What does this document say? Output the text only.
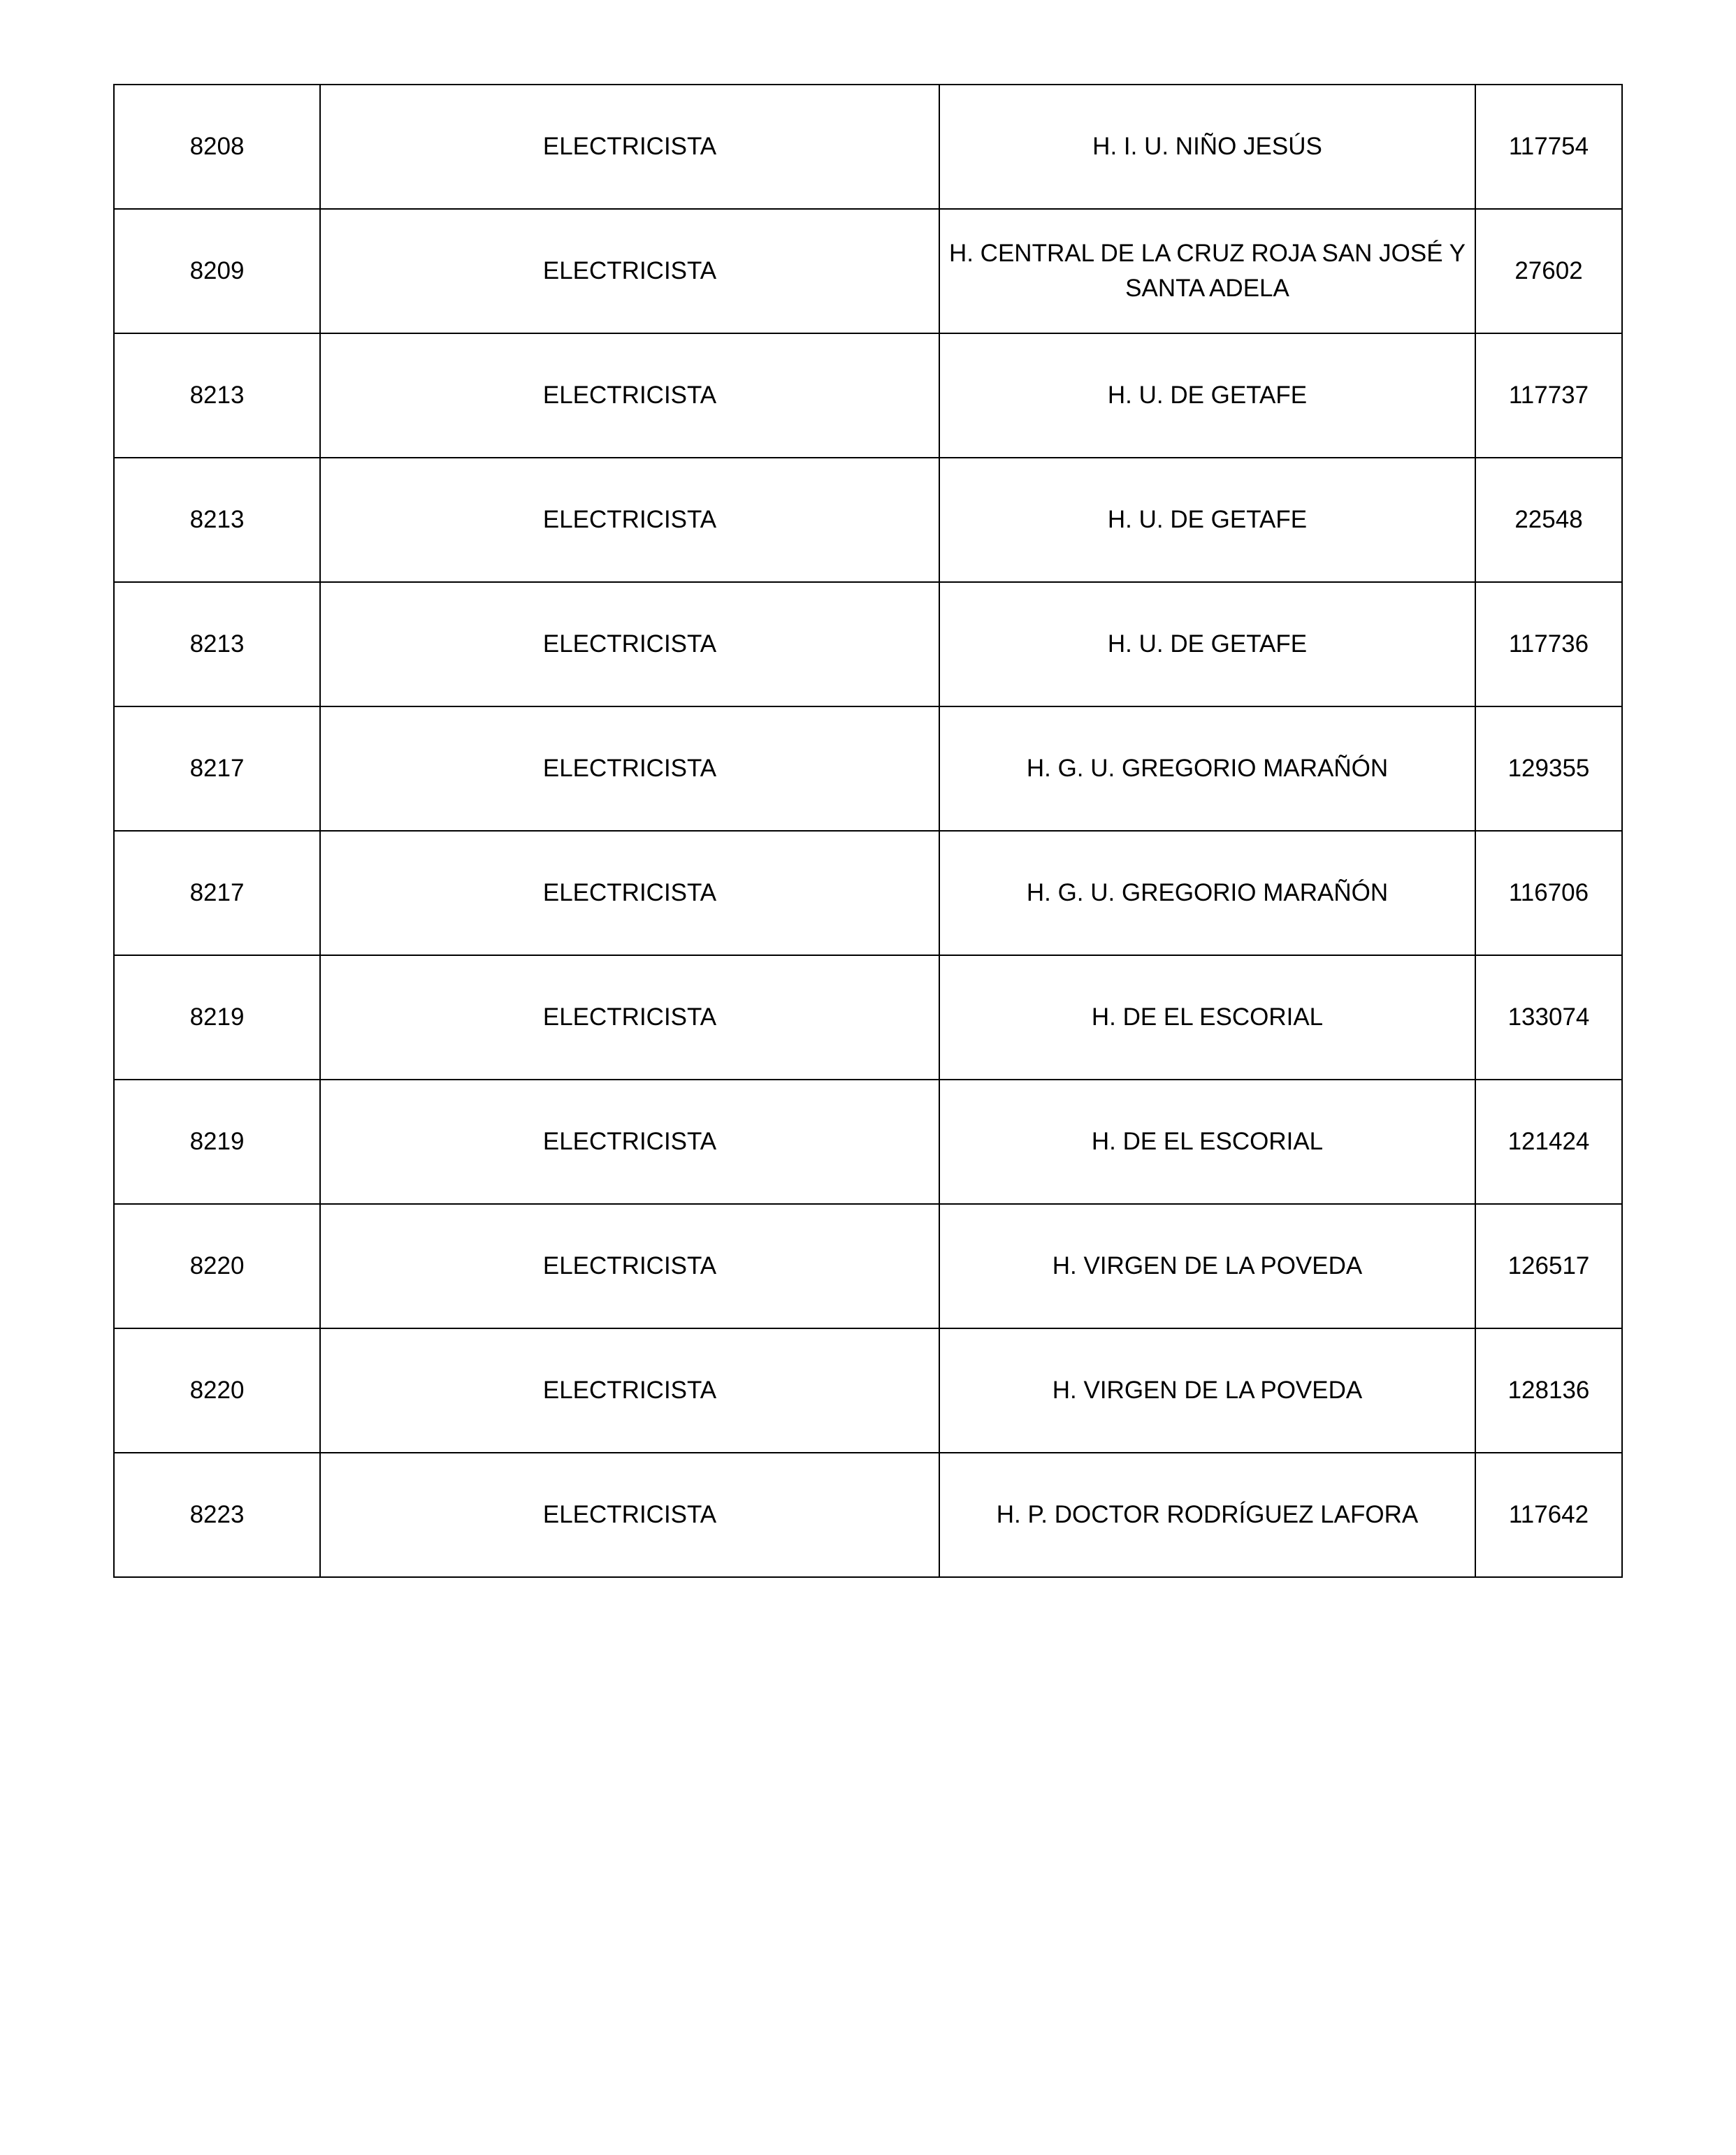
8208	ELECTRICISTA	H. I. U. NIÑO JESÚS	117754
8209	ELECTRICISTA	H. CENTRAL DE LA CRUZ ROJA SAN JOSÉ Y SANTA ADELA	27602
8213	ELECTRICISTA	H. U. DE GETAFE	117737
8213	ELECTRICISTA	H. U. DE GETAFE	22548
8213	ELECTRICISTA	H. U. DE GETAFE	117736
8217	ELECTRICISTA	H. G. U. GREGORIO MARAÑÓN	129355
8217	ELECTRICISTA	H. G. U. GREGORIO MARAÑÓN	116706
8219	ELECTRICISTA	H. DE EL ESCORIAL	133074
8219	ELECTRICISTA	H. DE EL ESCORIAL	121424
8220	ELECTRICISTA	H. VIRGEN DE LA POVEDA	126517
8220	ELECTRICISTA	H. VIRGEN DE LA POVEDA	128136
8223	ELECTRICISTA	H. P. DOCTOR RODRÍGUEZ LAFORA	117642
